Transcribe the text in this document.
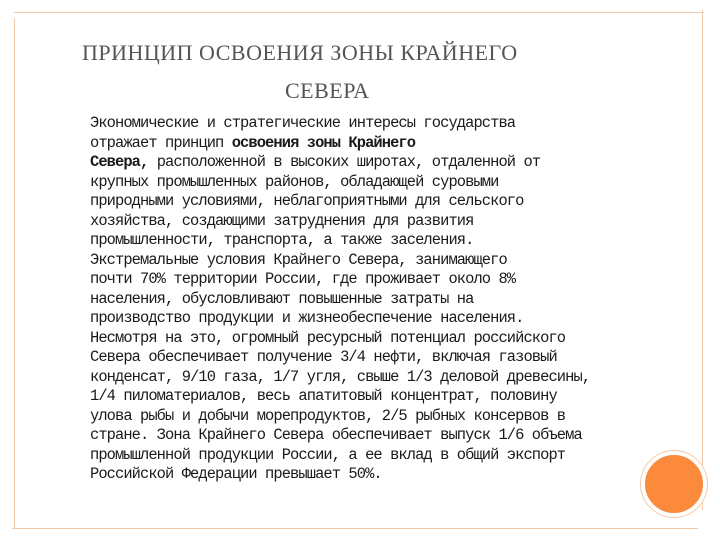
ПРИНЦИП ОСВОЕНИЯ ЗОНЫ КРАЙНЕГО
СЕВЕРА
Экономические и стратегические интересы государства
отражает принцип освоения зоны Крайнего
Севера, расположенной в высоких широтах, отдаленной от
крупных промышленных районов, обладающей суровыми
природными условиями, неблагоприятными для сельского
хозяйства, создающими затруднения для развития
промышленности, транспорта, а также заселения.
Экстремальные условия Крайнего Севера, занимающего
почти 70% территории России, где проживает около 8%
населения, обусловливают повышенные затраты на
производство продукции и жизнеобеспечение населения.
Несмотря на это, огромный ресурсный потенциал российского
Севера обеспечивает получение 3/4 нефти, включая газовый
конденсат, 9/10 газа, 1/7 угля, свыше 1/3 деловой древесины,
1/4 пиломатериалов, весь апатитовый концентрат, половину
улова рыбы и добычи морепродуктов, 2/5 рыбных консервов в
стране. Зона Крайнего Севера обеспечивает выпуск 1/6 объема
промышленной продукции России, а ее вклад в общий экспорт
Российской Федерации превышает 50%.
